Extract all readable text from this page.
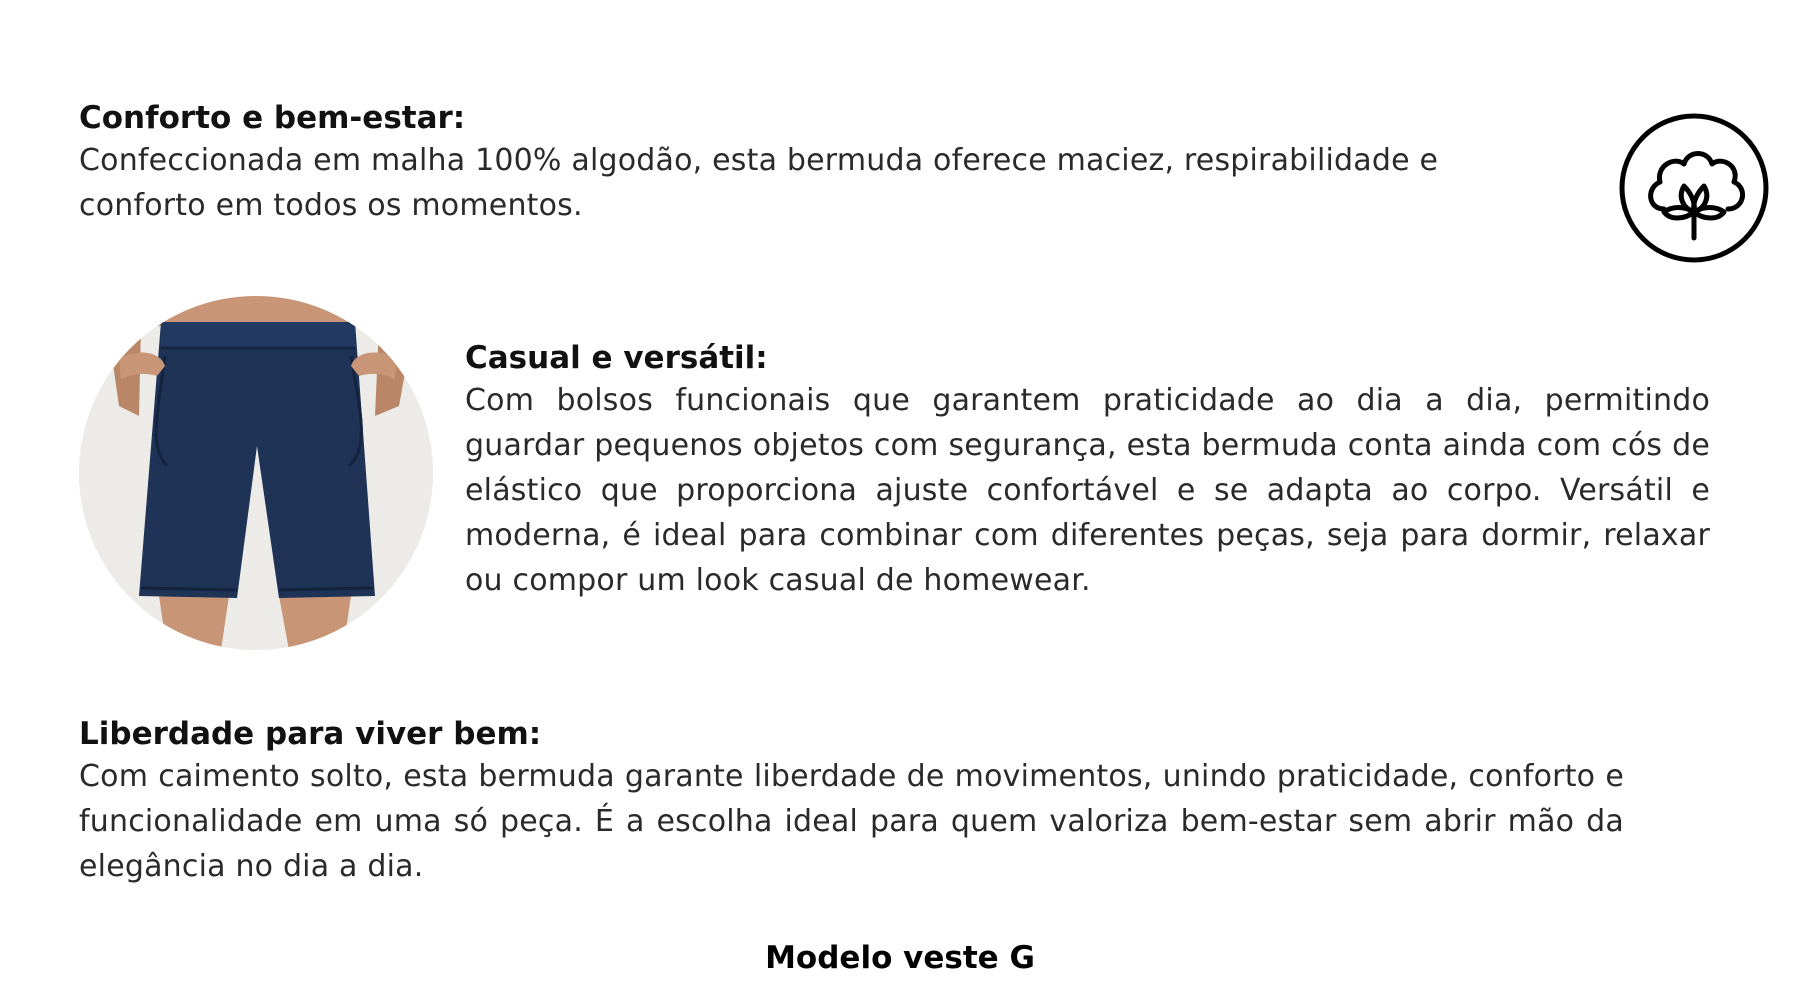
Conforto e bem-estar:

Confeccionada em malha 100% algodão, esta bermuda oferece maciez, respirabilidade e conforto em todos os momentos.

Casual e versátil:

Com bolsos funcionais que garantem praticidade ao dia a dia, permitindo guardar pequenos objetos com segurança, esta bermuda conta ainda com cós de elástico que proporciona ajuste confortável e se adapta ao corpo. Versátil e moderna, é ideal para combinar com diferentes peças, seja para dormir, relaxar ou compor um look casual de homewear.

Liberdade para viver bem:

Com caimento solto, esta bermuda garante liberdade de movimentos, unindo praticidade, conforto e funcionalidade em uma só peça. É a escolha ideal para quem valoriza bem-estar sem abrir mão da elegância no dia a dia.

Modelo veste G
